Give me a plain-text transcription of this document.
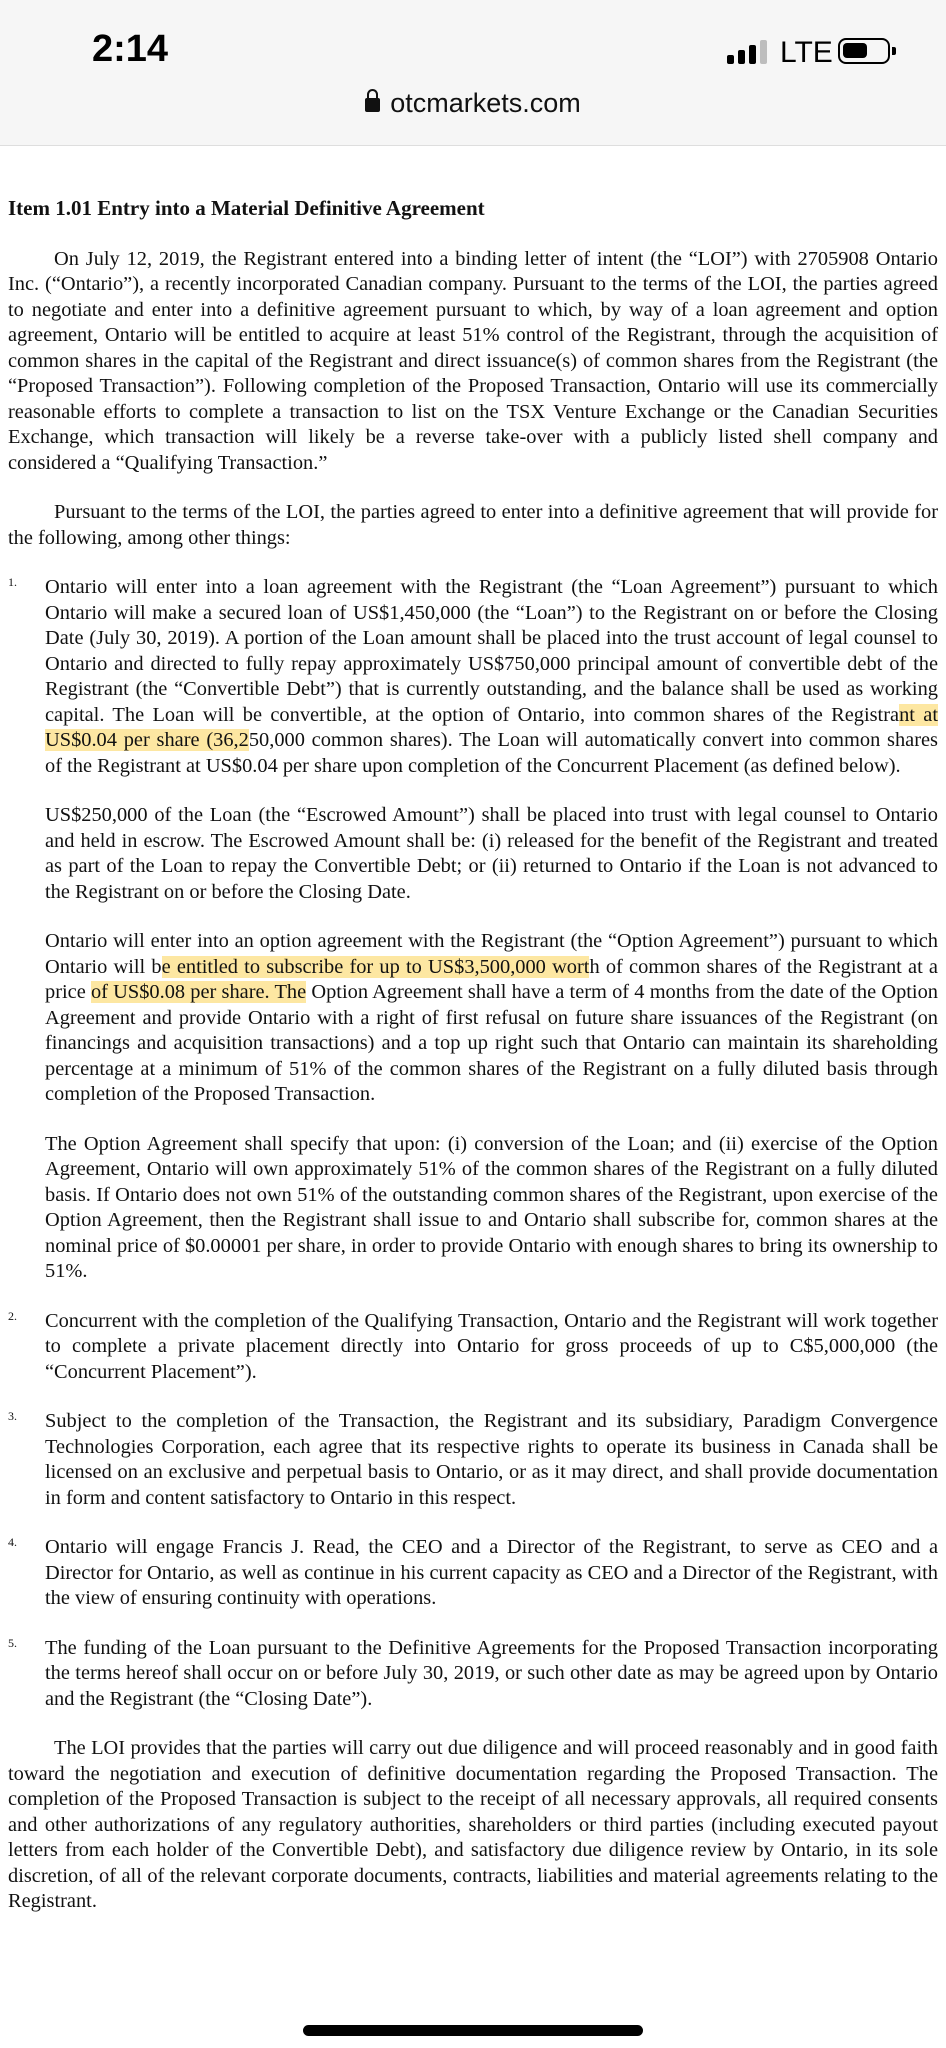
2:14	LTE
otcmarkets.com
Item 1.01 Entry into a Material Definitive Agreement

On July 12, 2019, the Registrant entered into a binding letter of intent (the “LOI”) with 2705908 Ontario Inc. (“Ontario”), a recently incorporated Canadian company. Pursuant to the terms of the LOI, the parties agreed to negotiate and enter into a definitive agreement pursuant to which, by way of a loan agreement and option agreement, Ontario will be entitled to acquire at least 51% control of the Registrant, through the acquisition of common shares in the capital of the Registrant and direct issuance(s) of common shares from the Registrant (the “Proposed Transaction”). Following completion of the Proposed Transaction, Ontario will use its commercially reasonable efforts to complete a transaction to list on the TSX Venture Exchange or the Canadian Securities Exchange, which transaction will likely be a reverse take-over with a publicly listed shell company and considered a “Qualifying Transaction.”

Pursuant to the terms of the LOI, the parties agreed to enter into a definitive agreement that will provide for the following, among other things:

1. Ontario will enter into a loan agreement with the Registrant (the “Loan Agreement”) pursuant to which Ontario will make a secured loan of US$1,450,000 (the “Loan”) to the Registrant on or before the Closing Date (July 30, 2019). A portion of the Loan amount shall be placed into the trust account of legal counsel to Ontario and directed to fully repay approximately US$750,000 principal amount of convertible debt of the Registrant (the “Convertible Debt”) that is currently outstanding, and the balance shall be used as working capital. The Loan will be convertible, at the option of Ontario, into common shares of the Registrant at US$0.04 per share (36,250,000 common shares). The Loan will automatically convert into common shares of the Registrant at US$0.04 per share upon completion of the Concurrent Placement (as defined below).

US$250,000 of the Loan (the “Escrowed Amount”) shall be placed into trust with legal counsel to Ontario and held in escrow. The Escrowed Amount shall be: (i) released for the benefit of the Registrant and treated as part of the Loan to repay the Convertible Debt; or (ii) returned to Ontario if the Loan is not advanced to the Registrant on or before the Closing Date.

Ontario will enter into an option agreement with the Registrant (the “Option Agreement”) pursuant to which Ontario will be entitled to subscribe for up to US$3,500,000 worth of common shares of the Registrant at a price of US$0.08 per share. The Option Agreement shall have a term of 4 months from the date of the Option Agreement and provide Ontario with a right of first refusal on future share issuances of the Registrant (on financings and acquisition transactions) and a top up right such that Ontario can maintain its shareholding percentage at a minimum of 51% of the common shares of the Registrant on a fully diluted basis through completion of the Proposed Transaction.

The Option Agreement shall specify that upon: (i) conversion of the Loan; and (ii) exercise of the Option Agreement, Ontario will own approximately 51% of the common shares of the Registrant on a fully diluted basis. If Ontario does not own 51% of the outstanding common shares of the Registrant, upon exercise of the Option Agreement, then the Registrant shall issue to and Ontario shall subscribe for, common shares at the nominal price of $0.00001 per share, in order to provide Ontario with enough shares to bring its ownership to 51%.

2. Concurrent with the completion of the Qualifying Transaction, Ontario and the Registrant will work together to complete a private placement directly into Ontario for gross proceeds of up to C$5,000,000 (the “Concurrent Placement”).
3. Subject to the completion of the Transaction, the Registrant and its subsidiary, Paradigm Convergence Technologies Corporation, each agree that its respective rights to operate its business in Canada shall be licensed on an exclusive and perpetual basis to Ontario, or as it may direct, and shall provide documentation in form and content satisfactory to Ontario in this respect.
4. Ontario will engage Francis J. Read, the CEO and a Director of the Registrant, to serve as CEO and a Director for Ontario, as well as continue in his current capacity as CEO and a Director of the Registrant, with the view of ensuring continuity with operations.
5. The funding of the Loan pursuant to the Definitive Agreements for the Proposed Transaction incorporating the terms hereof shall occur on or before July 30, 2019, or such other date as may be agreed upon by Ontario and the Registrant (the “Closing Date”).

The LOI provides that the parties will carry out due diligence and will proceed reasonably and in good faith toward the negotiation and execution of definitive documentation regarding the Proposed Transaction. The completion of the Proposed Transaction is subject to the receipt of all necessary approvals, all required consents and other authorizations of any regulatory authorities, shareholders or third parties (including executed payout letters from each holder of the Convertible Debt), and satisfactory due diligence review by Ontario, in its sole discretion, of all of the relevant corporate documents, contracts, liabilities and material agreements relating to the Registrant.
